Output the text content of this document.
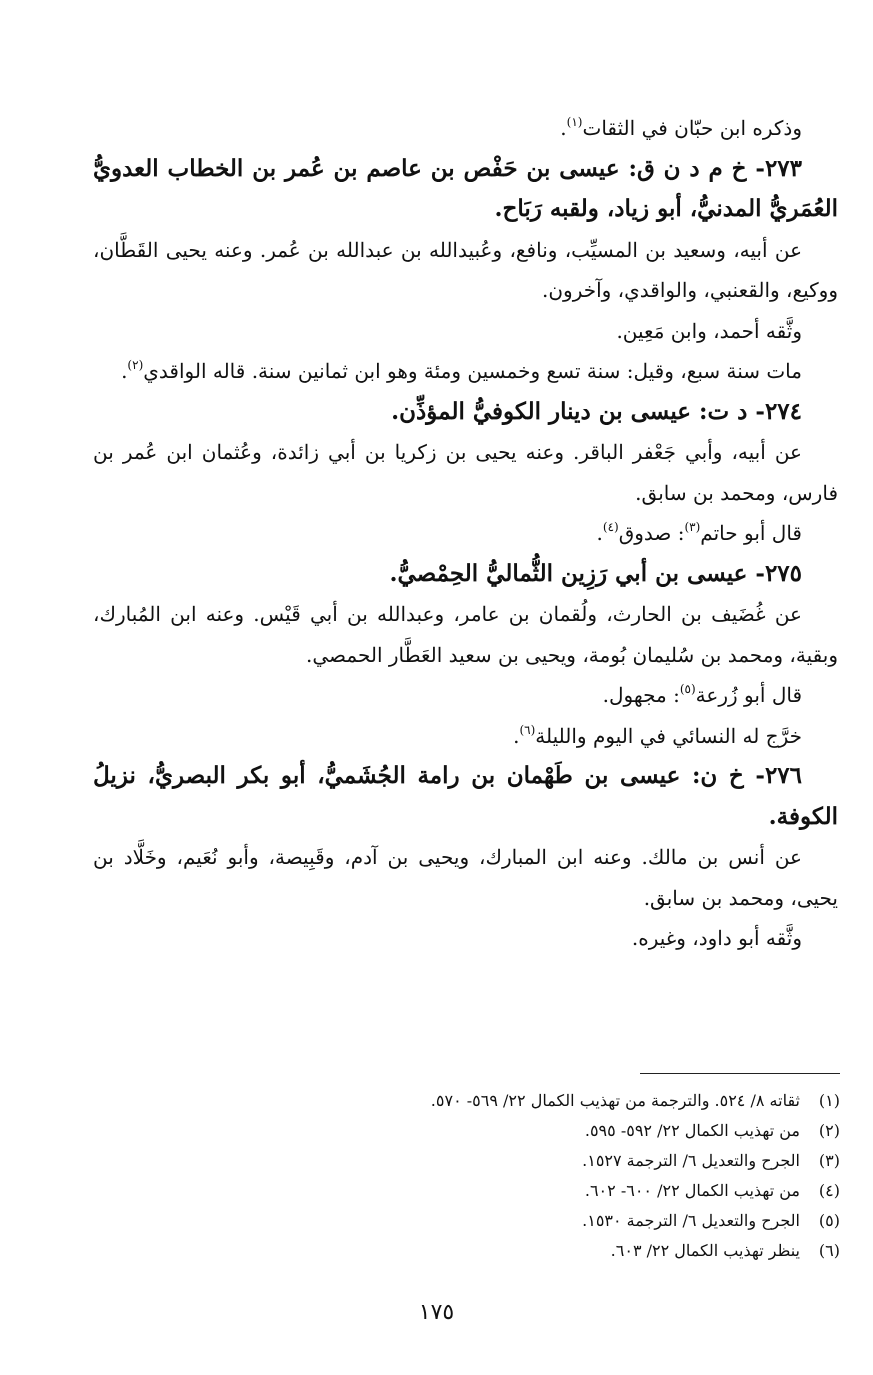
وذكره ابن حبّان في الثقات$^{(١)}$.

٢٧٣- خ م د ن ق: عيسى بن حَفْص بن عاصم بن عُمر بن الخطاب العدويُّ العُمَريُّ المدنيُّ، أبو زياد، ولقبه رَبَاح.

عن أبيه، وسعيد بن المسيِّب، ونافع، وعُبيدالله بن عبدالله بن عُمر. وعنه يحيى القَطَّان، ووكيع، والقعنبي، والواقدي، وآخرون.

وثَّقه أحمد، وابن مَعِين.

مات سنة سبع، وقيل: سنة تسع وخمسين ومئة وهو ابن ثمانين سنة. قاله الواقدي$^{(٢)}$.

٢٧٤- د ت: عيسى بن دينار الكوفيُّ المؤذِّن.

عن أبيه، وأبي جَعْفر الباقر. وعنه يحيى بن زكريا بن أبي زائدة، وعُثمان ابن عُمر بن فارس، ومحمد بن سابق.

قال أبو حاتم$^{(٣)}$: صدوق$^{(٤)}$.

٢٧٥- عيسى بن أبي رَزِين الثُّماليُّ الحِمْصيُّ.

عن غُضَيف بن الحارث، ولُقمان بن عامر، وعبدالله بن أبي قَيْس. وعنه ابن المُبارك، وبقية، ومحمد بن سُليمان بُومة، ويحيى بن سعيد العَطَّار الحمصي.

قال أبو زُرعة$^{(٥)}$: مجهول.

خرَّج له النسائي في اليوم والليلة$^{(٦)}$.

٢٧٦- خ ن: عيسى بن طَهْمان بن رامة الجُشَميُّ، أبو بكر البصريُّ، نزيلُ الكوفة.

عن أنس بن مالك. وعنه ابن المبارك، ويحيى بن آدم، وقَبِيصة، وأبو نُعَيم، وخَلَّاد بن يحيى، ومحمد بن سابق.

وثَّقه أبو داود، وغيره.

(١)
ثقاته ٨/ ٥٢٤. والترجمة من تهذيب الكمال ٢٢/ ٥٦٩- ٥٧٠.
(٢)
من تهذيب الكمال ٢٢/ ٥٩٢- ٥٩٥.
(٣)
الجرح والتعديل ٦/ الترجمة ١٥٢٧.
(٤)
من تهذيب الكمال ٢٢/ ٦٠٠- ٦٠٢.
(٥)
الجرح والتعديل ٦/ الترجمة ١٥٣٠.
(٦)
ينظر تهذيب الكمال ٢٢/ ٦٠٣.
١٧٥
